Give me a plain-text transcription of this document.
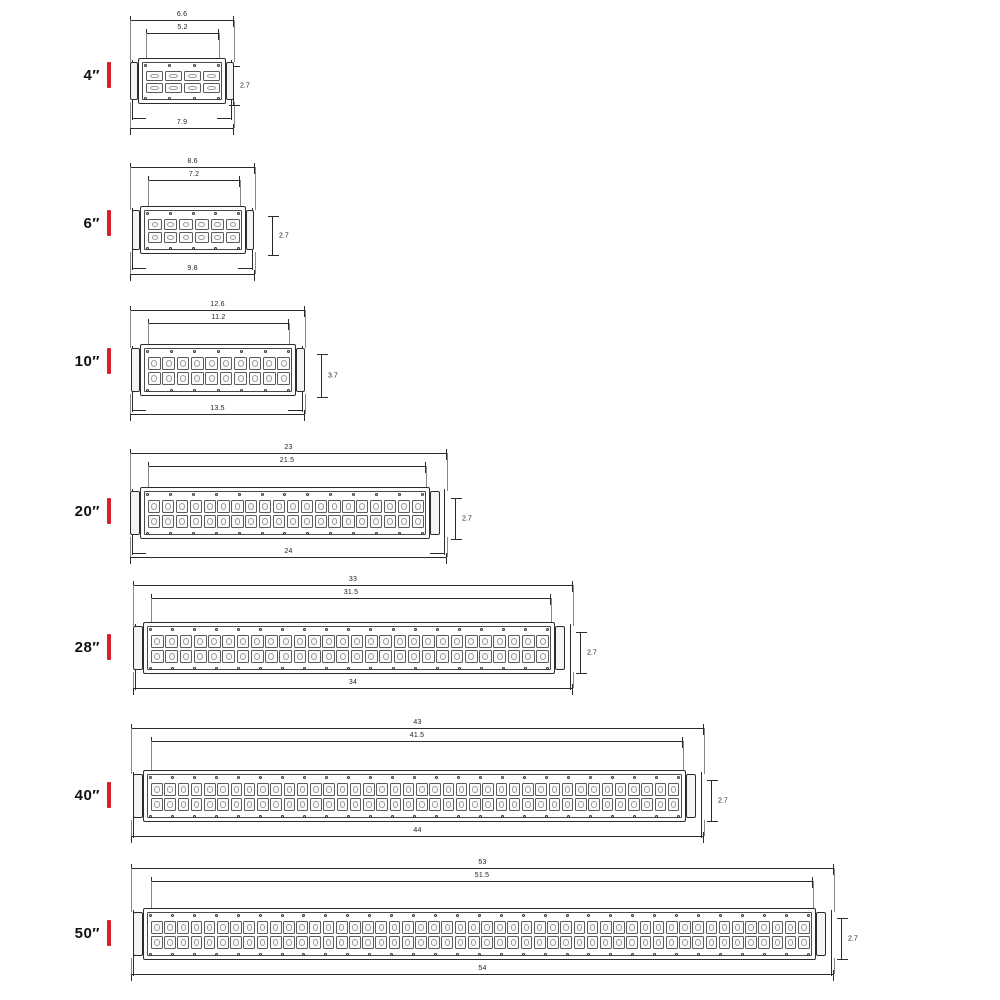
4″
6.6
5.2
7.9
2.7
6″
8.6
7.2
9.8
2.7
10″
12.6
11.2
13.5
3.7
20″
23
21.5
24
2.7
28″
33
31.5
34
2.7
40″
43
41.5
44
2.7
50″
53
51.5
54
2.7
